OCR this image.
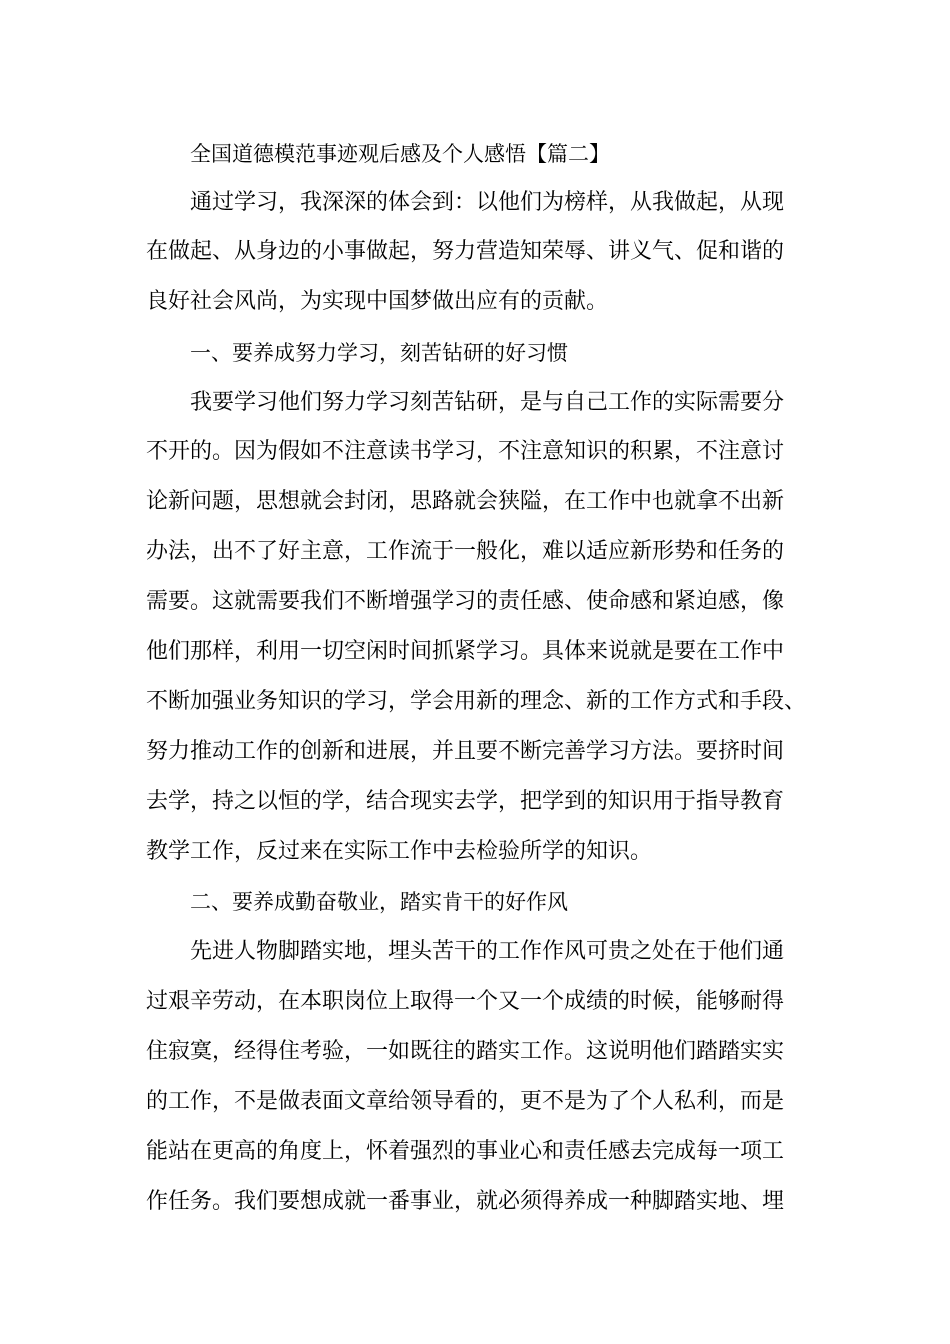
全国道德模范事迹观后感及个人感悟【篇二】
通过学习，我深深的体会到：以他们为榜样，从我做起，从现
在做起、从身边的小事做起，努力营造知荣辱、讲义气、促和谐的
良好社会风尚，为实现中国梦做出应有的贡献。
一、要养成努力学习，刻苦钻研的好习惯
我要学习他们努力学习刻苦钻研，是与自己工作的实际需要分
不开的。因为假如不注意读书学习，不注意知识的积累，不注意讨
论新问题，思想就会封闭，思路就会狭隘，在工作中也就拿不出新
办法，出不了好主意，工作流于一般化，难以适应新形势和任务的
需要。这就需要我们不断增强学习的责任感、使命感和紧迫感，像
他们那样，利用一切空闲时间抓紧学习。具体来说就是要在工作中
不断加强业务知识的学习，学会用新的理念、新的工作方式和手段、
努力推动工作的创新和进展，并且要不断完善学习方法。要挤时间
去学，持之以恒的学，结合现实去学，把学到的知识用于指导教育
教学工作，反过来在实际工作中去检验所学的知识。
二、要养成勤奋敬业，踏实肯干的好作风
先进人物脚踏实地，埋头苦干的工作作风可贵之处在于他们通
过艰辛劳动，在本职岗位上取得一个又一个成绩的时候，能够耐得
住寂寞，经得住考验，一如既往的踏实工作。这说明他们踏踏实实
的工作，不是做表面文章给领导看的，更不是为了个人私利，而是
能站在更高的角度上，怀着强烈的事业心和责任感去完成每一项工
作任务。我们要想成就一番事业，就必须得养成一种脚踏实地、埋
